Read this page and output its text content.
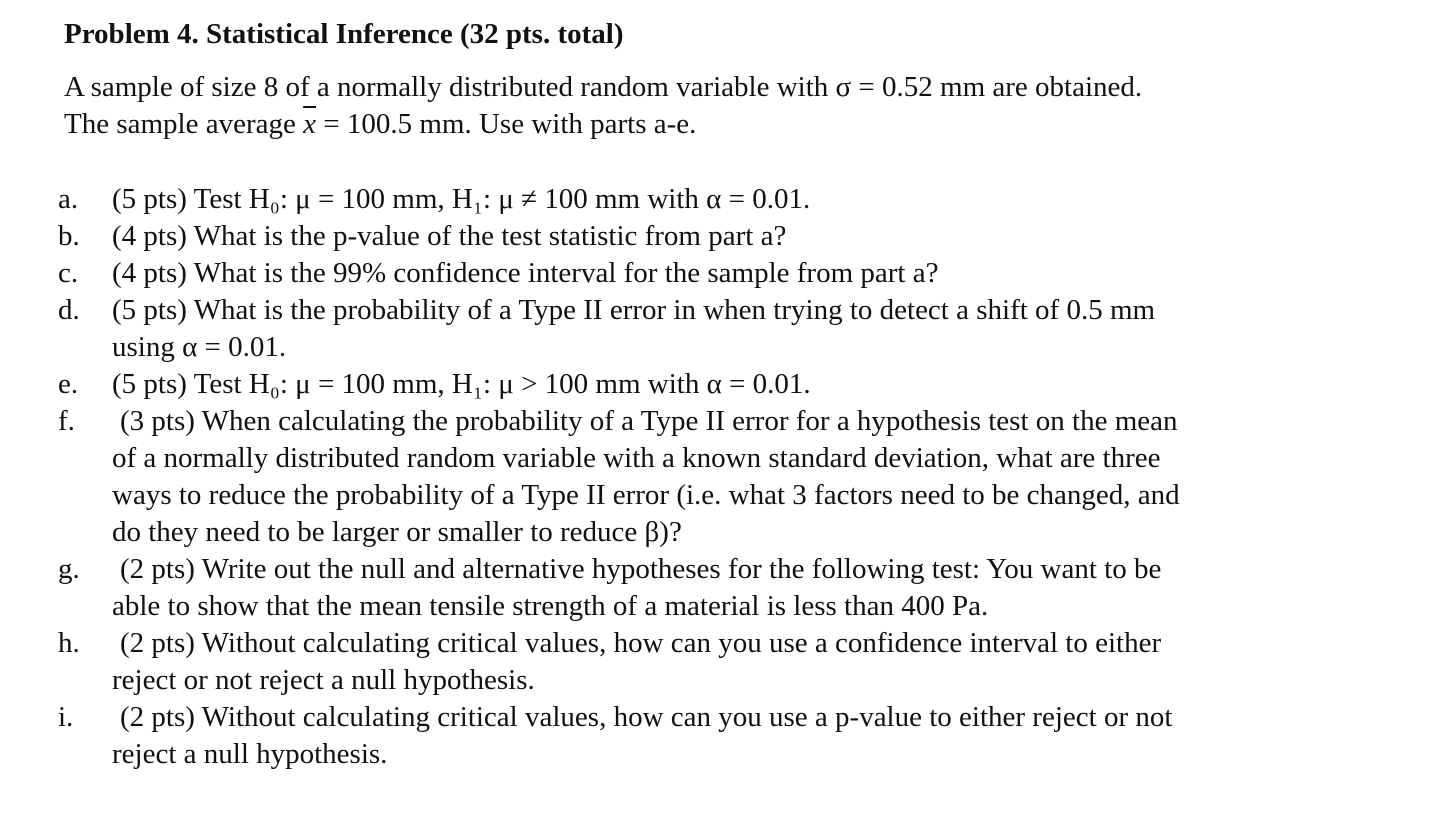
Problem 4. Statistical Inference (32 pts. total)
A sample of size 8 of a normally distributed random variable with σ = 0.52 mm are obtained.
The sample average $\overline{x} = 100.5$ mm. Use with parts a-e.
a.	(5 pts) Test H₀: μ = 100 mm, H₁: μ ≠ 100 mm with α = 0.01.
b.	(4 pts) What is the p-value of the test statistic from part a?
c.	(4 pts) What is the 99% confidence interval for the sample from part a?
d.	(5 pts) What is the probability of a Type II error in when trying to detect a shift of 0.5 mm
using α = 0.01.
e.	(5 pts) Test H₀: μ = 100 mm, H₁: μ > 100 mm with α = 0.01.
f.	(3 pts) When calculating the probability of a Type II error for a hypothesis test on the mean
of a normally distributed random variable with a known standard deviation, what are three
ways to reduce the probability of a Type II error (i.e. what 3 factors need to be changed, and
do they need to be larger or smaller to reduce β)?
g.	(2 pts) Write out the null and alternative hypotheses for the following test: You want to be
able to show that the mean tensile strength of a material is less than 400 Pa.
h.	(2 pts) Without calculating critical values, how can you use a confidence interval to either
reject or not reject a null hypothesis.
i.	(2 pts) Without calculating critical values, how can you use a p-value to either reject or not
reject a null hypothesis.
